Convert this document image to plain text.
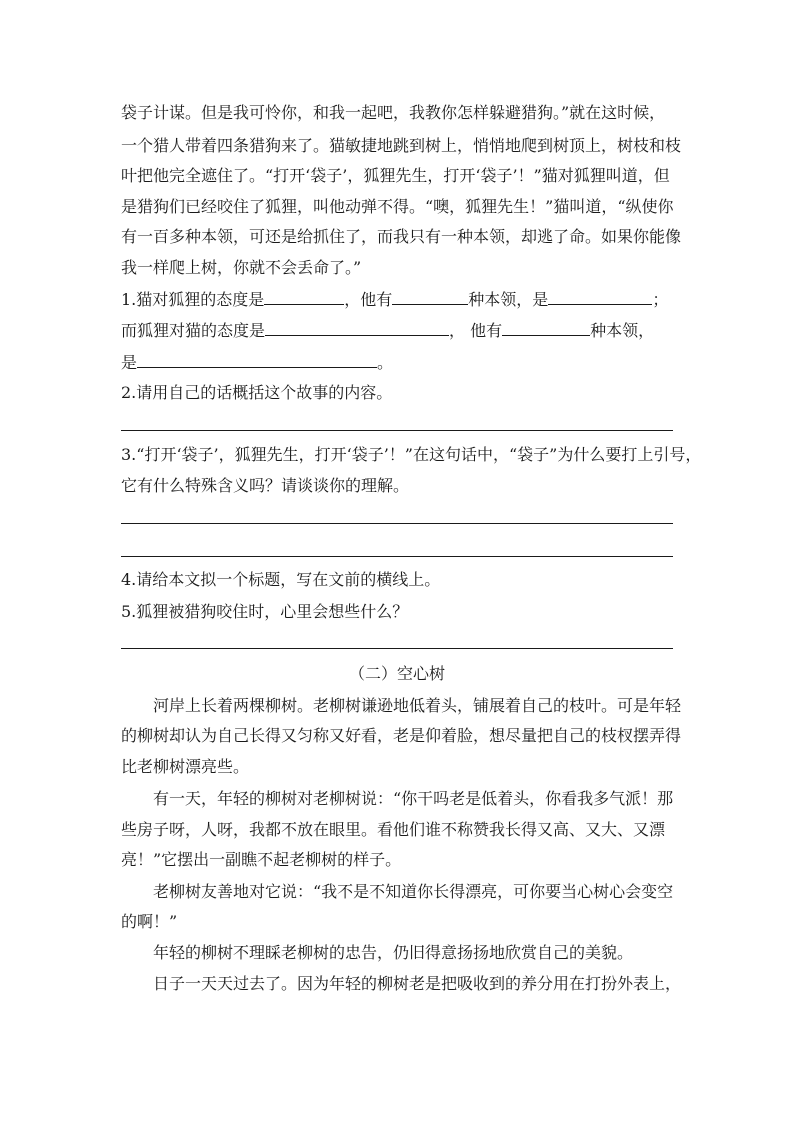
袋子计谋。但是我可怜你，和我一起吧，我教你怎样躲避猎狗。”就在这时候，
一个猎人带着四条猎狗来了。猫敏捷地跳到树上，悄悄地爬到树顶上，树枝和枝
叶把他完全遮住了。“打开‘袋子’，狐狸先生，打开‘袋子’！”猫对狐狸叫道，但
是猎狗们已经咬住了狐狸，叫他动弹不得。“噢，狐狸先生！”猫叫道，“纵使你
有一百多种本领，可还是给抓住了，而我只有一种本领，却逃了命。如果你能像
我一样爬上树，你就不会丢命了。”
1.猫对狐狸的态度是	，他有	种本领，是	；
而狐狸对猫的态度是	， 他有	种本领，
是	。
2.请用自己的话概括这个故事的内容。
3.“打开‘袋子’，狐狸先生，打开‘袋子’！”在这句话中，“袋子”为什么要打上引号，
它有什么特殊含义吗？请谈谈你的理解。
4.请给本文拟一个标题，写在文前的横线上。
5.狐狸被猎狗咬住时，心里会想些什么？
（二）空心树
河岸上长着两棵柳树。老柳树谦逊地低着头，铺展着自己的枝叶。可是年轻
的柳树却认为自己长得又匀称又好看，老是仰着脸，想尽量把自己的枝杈摆弄得
比老柳树漂亮些。
有一天，年轻的柳树对老柳树说：“你干吗老是低着头，你看我多气派！那
些房子呀，人呀，我都不放在眼里。看他们谁不称赞我长得又高、又大、又漂
亮！”它摆出一副瞧不起老柳树的样子。
老柳树友善地对它说：“我不是不知道你长得漂亮，可你要当心树心会变空
的啊！”
年轻的柳树不理睬老柳树的忠告，仍旧得意扬扬地欣赏自己的美貌。
日子一天天过去了。因为年轻的柳树老是把吸收到的养分用在打扮外表上，
